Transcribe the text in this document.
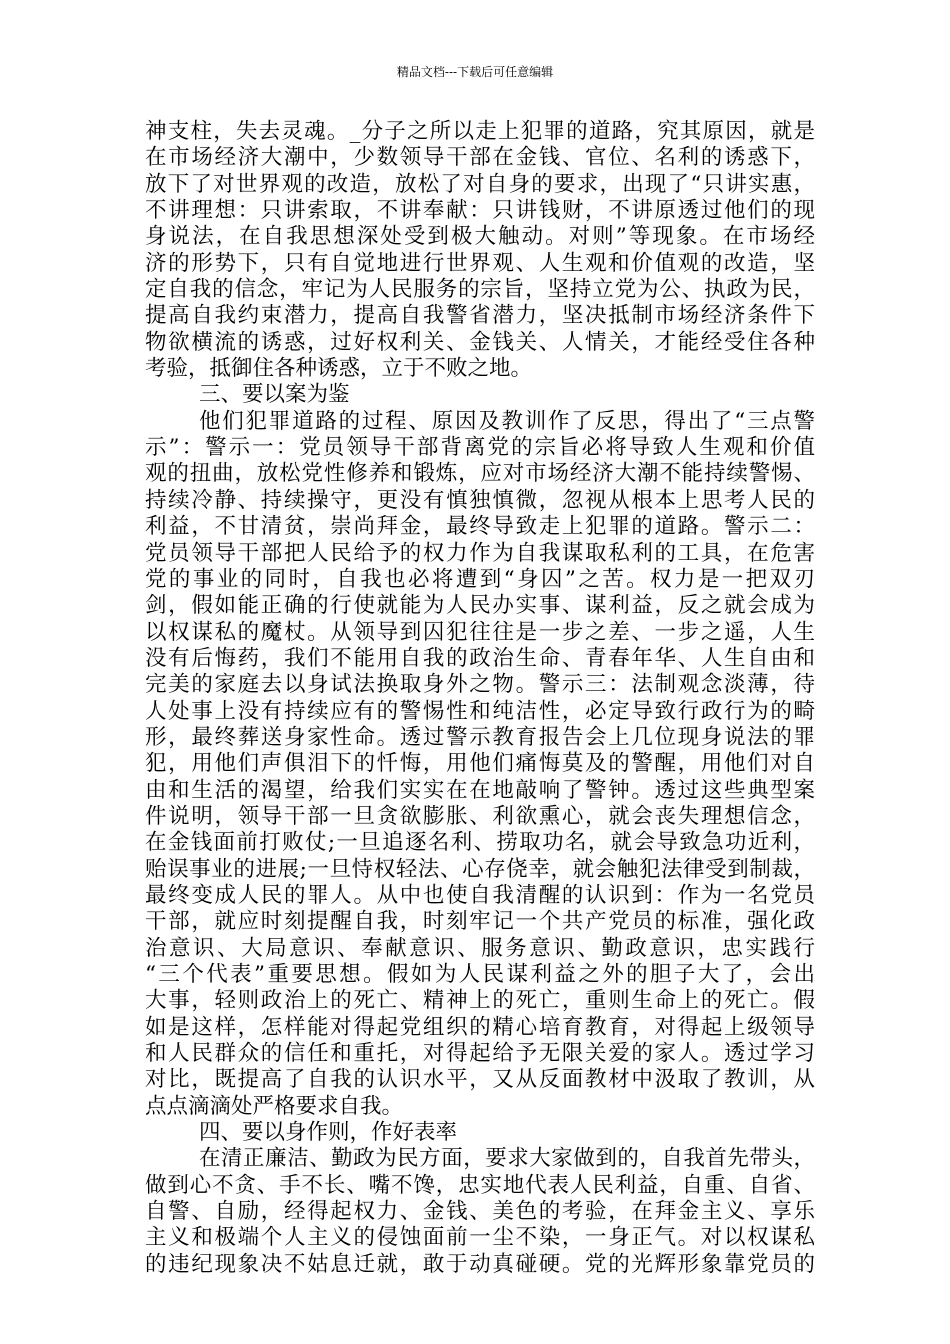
精品文档---下载后可任意编辑
神支柱，失去灵魂。_分子之所以走上犯罪的道路，究其原因，就是
在市场经济大潮中，少数领导干部在金钱、官位、名利的诱惑下，
放下了对世界观的改造，放松了对自身的要求，出现了“只讲实惠，
不讲理想：只讲索取，不讲奉献：只讲钱财，不讲原透过他们的现
身说法，在自我思想深处受到极大触动。对则”等现象。在市场经
济的形势下，只有自觉地进行世界观、人生观和价值观的改造，坚
定自我的信念，牢记为人民服务的宗旨，坚持立党为公、执政为民，
提高自我约束潜力，提高自我警省潜力，坚决抵制市场经济条件下
物欲横流的诱惑，过好权利关、金钱关、人情关，才能经受住各种
考验，抵御住各种诱惑，立于不败之地。
三、要以案为鉴
他们犯罪道路的过程、原因及教训作了反思，得出了“三点警
示”：警示一：党员领导干部背离党的宗旨必将导致人生观和价值
观的扭曲，放松党性修养和锻炼，应对市场经济大潮不能持续警惕、
持续冷静、持续操守，更没有慎独慎微，忽视从根本上思考人民的
利益，不甘清贫，崇尚拜金，最终导致走上犯罪的道路。警示二：
党员领导干部把人民给予的权力作为自我谋取私利的工具，在危害
党的事业的同时，自我也必将遭到“身囚”之苦。权力是一把双刃
剑，假如能正确的行使就能为人民办实事、谋利益，反之就会成为
以权谋私的魔杖。从领导到囚犯往往是一步之差、一步之遥，人生
没有后悔药，我们不能用自我的政治生命、青春年华、人生自由和
完美的家庭去以身试法换取身外之物。警示三：法制观念淡薄，待
人处事上没有持续应有的警惕性和纯洁性，必定导致行政行为的畸
形，最终葬送身家性命。透过警示教育报告会上几位现身说法的罪
犯，用他们声俱泪下的忏悔，用他们痛悔莫及的警醒，用他们对自
由和生活的渴望，给我们实实在在地敲响了警钟。透过这些典型案
件说明，领导干部一旦贪欲膨胀、利欲熏心，就会丧失理想信念，
在金钱面前打败仗;一旦追逐名利、捞取功名，就会导致急功近利，
贻误事业的进展;一旦恃权轻法、心存侥幸，就会触犯法律受到制裁，
最终变成人民的罪人。从中也使自我清醒的认识到：作为一名党员
干部，就应时刻提醒自我，时刻牢记一个共产党员的标准，强化政
治意识、大局意识、奉献意识、服务意识、勤政意识，忠实践行
“三个代表”重要思想。假如为人民谋利益之外的胆子大了，会出
大事，轻则政治上的死亡、精神上的死亡，重则生命上的死亡。假
如是这样，怎样能对得起党组织的精心培育教育，对得起上级领导
和人民群众的信任和重托，对得起给予无限关爱的家人。透过学习
对比，既提高了自我的认识水平，又从反面教材中汲取了教训，从
点点滴滴处严格要求自我。
四、要以身作则，作好表率
在清正廉洁、勤政为民方面，要求大家做到的，自我首先带头，
做到心不贪、手不长、嘴不馋，忠实地代表人民利益，自重、自省、
自警、自励，经得起权力、金钱、美色的考验，在拜金主义、享乐
主义和极端个人主义的侵蚀面前一尘不染，一身正气。对以权谋私
的违纪现象决不姑息迁就，敢于动真碰硬。党的光辉形象靠党员的
